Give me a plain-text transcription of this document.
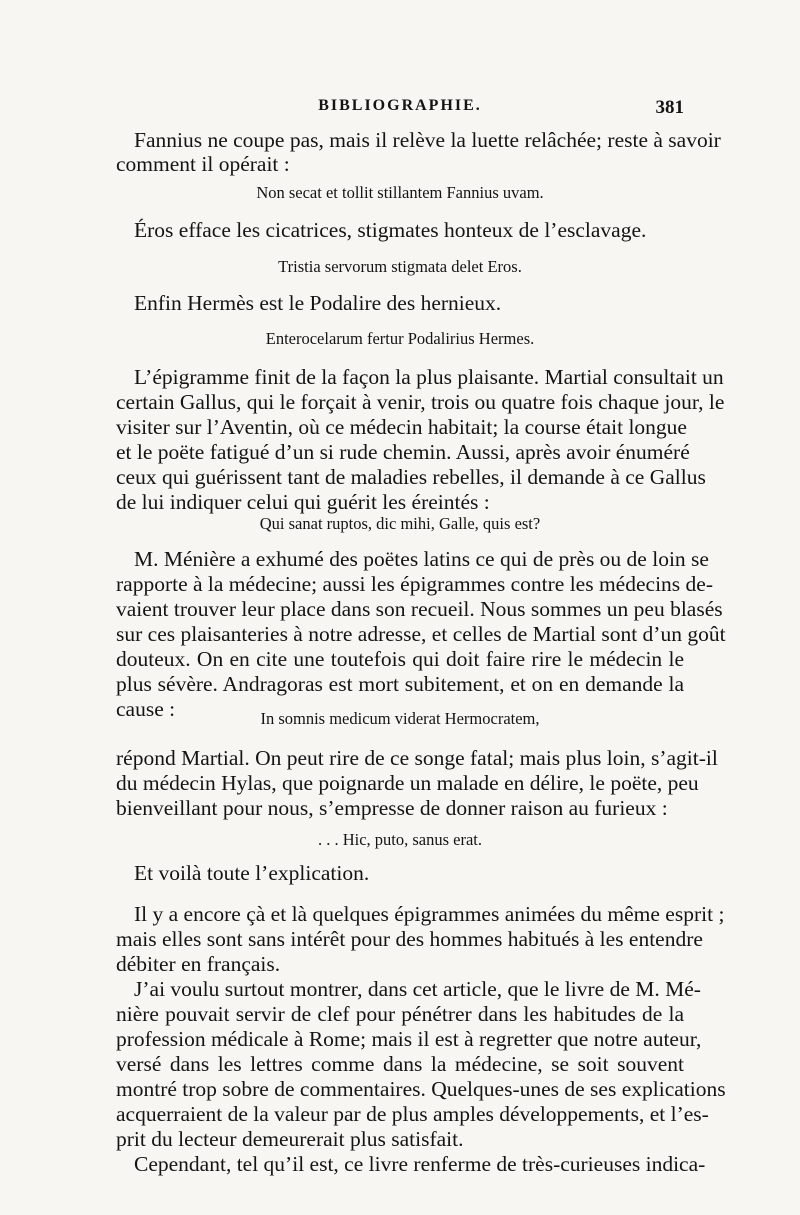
BIBLIOGRAPHIE.	381
Fannius ne coupe pas, mais il relève la luette relâchée; reste à savoir
comment il opérait :
Non secat et tollit stillantem Fannius uvam.
Éros efface les cicatrices, stigmates honteux de l’esclavage.
Tristia servorum stigmata delet Eros.
Enfin Hermès est le Podalire des hernieux.
Enterocelarum fertur Podalirius Hermes.
L’épigramme finit de la façon la plus plaisante. Martial consultait un
certain Gallus, qui le forçait à venir, trois ou quatre fois chaque jour, le
visiter sur l’Aventin, où ce médecin habitait; la course était longue
et le poëte fatigué d’un si rude chemin. Aussi, après avoir énuméré
ceux qui guérissent tant de maladies rebelles, il demande à ce Gallus
de lui indiquer celui qui guérit les éreintés :
Qui sanat ruptos, dic mihi, Galle, quis est?
M. Ménière a exhumé des poëtes latins ce qui de près ou de loin se
rapporte à la médecine; aussi les épigrammes contre les médecins de-
vaient trouver leur place dans son recueil. Nous sommes un peu blasés
sur ces plaisanteries à notre adresse, et celles de Martial sont d’un goût
douteux. On en cite une toutefois qui doit faire rire le médecin le
plus sévère. Andragoras est mort subitement, et on en demande la
cause :	In somnis medicum viderat Hermocratem,
répond Martial. On peut rire de ce songe fatal; mais plus loin, s’agit-il
du médecin Hylas, que poignarde un malade en délire, le poëte, peu
bienveillant pour nous, s’empresse de donner raison au furieux :
. . . Hic, puto, sanus erat.
Et voilà toute l’explication.
Il y a encore çà et là quelques épigrammes animées du même esprit ;
mais elles sont sans intérêt pour des hommes habitués à les entendre
débiter en français.
J’ai voulu surtout montrer, dans cet article, que le livre de M. Mé-
nière pouvait servir de clef pour pénétrer dans les habitudes de la
profession médicale à Rome; mais il est à regretter que notre auteur,
versé dans les lettres comme dans la médecine, se soit souvent
montré trop sobre de commentaires. Quelques-unes de ses explications
acquerraient de la valeur par de plus amples développements, et l’es-
prit du lecteur demeurerait plus satisfait.
Cependant, tel qu’il est, ce livre renferme de très-curieuses indica-
